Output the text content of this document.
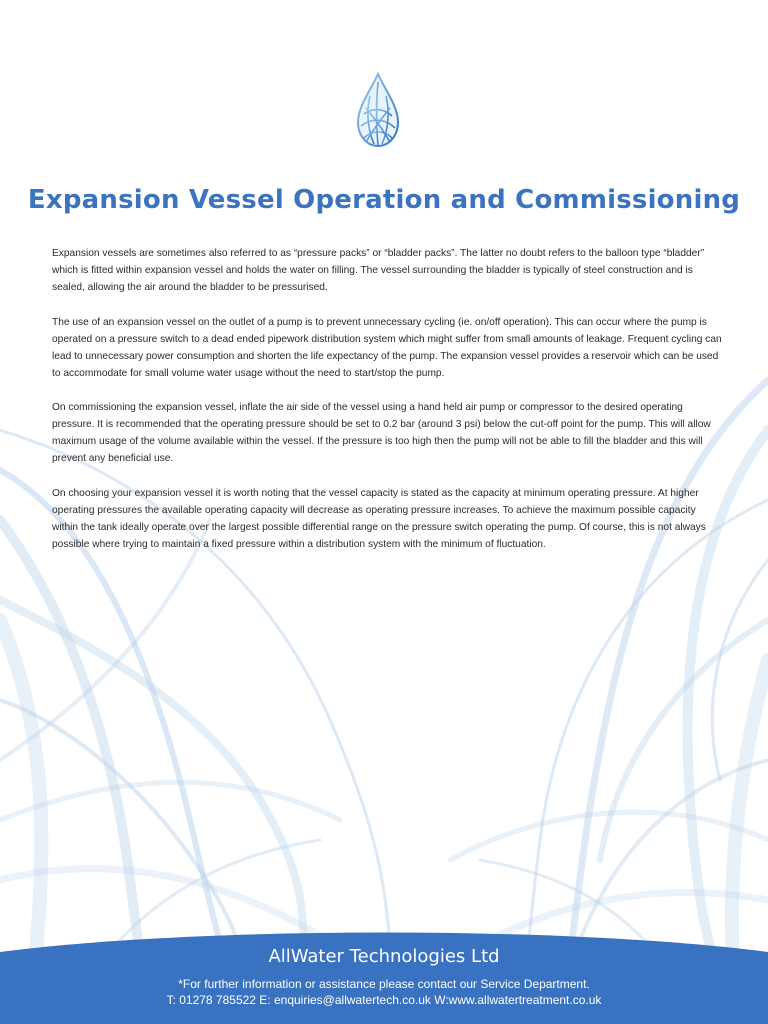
Expansion Vessel Operation and Commissioning

Expansion vessels are sometimes also referred to as “pressure packs” or “bladder packs”. The latter no doubt refers to the balloon type “bladder” which is fitted within expansion vessel and holds the water on filling. The vessel surrounding the bladder is typically of steel construction and is sealed, allowing the air around the bladder to be pressurised.

The use of an expansion vessel on the outlet of a pump is to prevent unnecessary cycling (ie. on/off operation). This can occur where the pump is operated on a pressure switch to a dead ended pipework distribution system which might suffer from small amounts of leakage. Frequent cycling can lead to unnecessary power consumption and shorten the life expectancy of the pump. The expansion vessel provides a reservoir which can be used to accommodate for small volume water usage without the need to start/stop the pump.

On commissioning the expansion vessel, inflate the air side of the vessel using a hand held air pump or compressor to the desired operating pressure. It is recommended that the operating pressure should be set to 0.2 bar (around 3 psi) below the cut-off point for the pump. This will allow maximum usage of the volume available within the vessel. If the pressure is too high then the pump will not be able to fill the bladder and this will prevent any beneficial use.

On choosing your expansion vessel it is worth noting that the vessel capacity is stated as the capacity at minimum operating pressure. At higher operating pressures the available operating capacity will decrease as operating pressure increases. To achieve the maximum possible capacity within the tank ideally operate over the largest possible differential range on the pressure switch operating the pump. Of course, this is not always possible where trying to maintain a fixed pressure within a distribution system with the minimum of fluctuation.

AllWater Technologies Ltd
*For further information or assistance please contact our Service Department.
T: 01278 785522 E: enquiries@allwatertech.co.uk W:www.allwatertreatment.co.uk
